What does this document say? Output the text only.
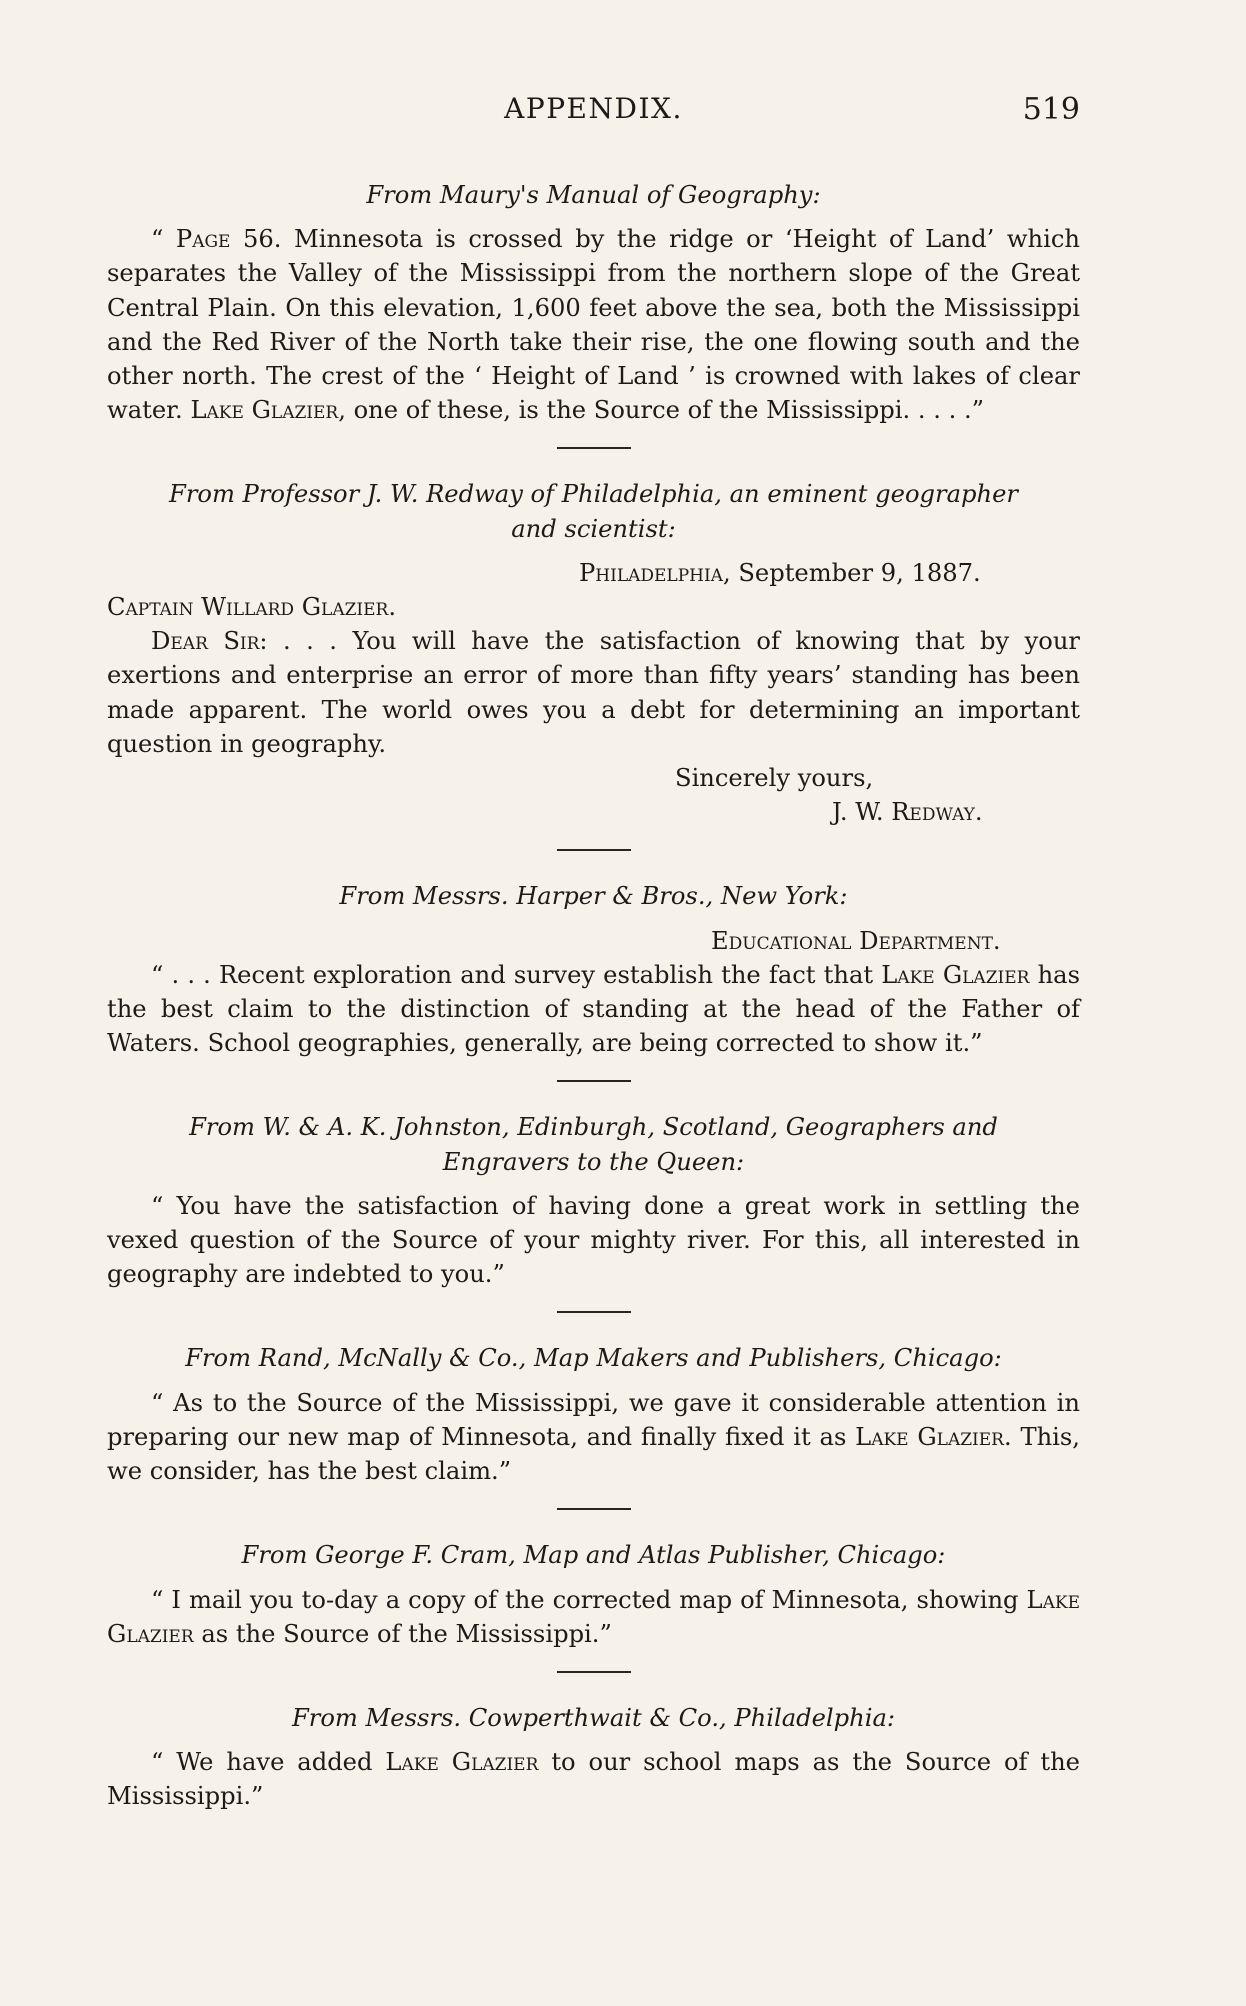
APPENDIX.	519

From Maury's Manual of Geography:

“ Page 56. Minnesota is crossed by the ridge or ‘Height of Land’ which separates the Valley of the Mississippi from the northern slope of the Great Central Plain. On this elevation, 1,600 feet above the sea, both the Mississippi and the Red River of the North take their rise, the one flowing south and the other north. The crest of the ‘ Height of Land ’ is crowned with lakes of clear water. Lake Glazier, one of these, is the Source of the Mississippi. . . . .”

From Professor J. W. Redway of Philadelphia, an eminent geographer

and scientist:

Philadelphia, September 9, 1887.

Captain Willard Glazier.

Dear Sir: . . . You will have the satisfaction of knowing that by your exertions and enterprise an error of more than fifty years’ standing has been made apparent. The world owes you a debt for determining an important question in geography.

Sincerely yours,

J. W. Redway.

From Messrs. Harper & Bros., New York:

Educational Department.

“ . . . Recent exploration and survey establish the fact that Lake Glazier has the best claim to the distinction of standing at the head of the Father of Waters. School geographies, generally, are being corrected to show it.”

From W. & A. K. Johnston, Edinburgh, Scotland, Geographers and

Engravers to the Queen:

“ You have the satisfaction of having done a great work in settling the vexed question of the Source of your mighty river. For this, all interested in geography are indebted to you.”

From Rand, McNally & Co., Map Makers and Publishers, Chicago:

“ As to the Source of the Mississippi, we gave it considerable attention in preparing our new map of Minnesota, and finally fixed it as Lake Glazier. This, we consider, has the best claim.”

From George F. Cram, Map and Atlas Publisher, Chicago:

“ I mail you to-day a copy of the corrected map of Minnesota, showing Lake Glazier as the Source of the Mississippi.”

From Messrs. Cowperthwait & Co., Philadelphia:

“ We have added Lake Glazier to our school maps as the Source of the Mississippi.”
